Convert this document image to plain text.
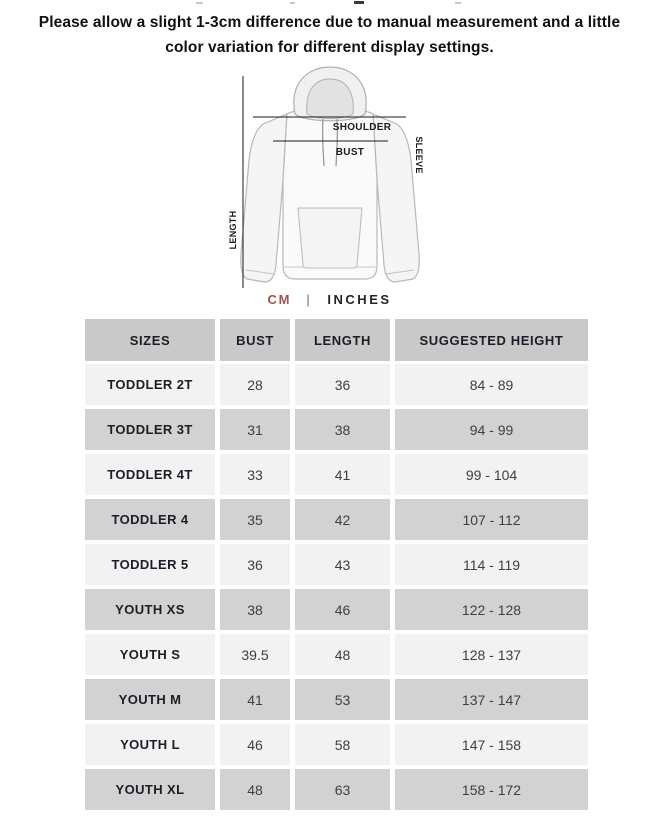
Please allow a slight 1-3cm difference due to manual measurement and a little color variation for different display settings.

SHOULDER
BUST
LENGTH
SLEEVE
CM | INCHES
SIZES	BUST	LENGTH	SUGGESTED HEIGHT
TODDLER 2T	28	36	84 - 89
TODDLER 3T	31	38	94 - 99
TODDLER 4T	33	41	99 - 104
TODDLER 4	35	42	107 - 112
TODDLER 5	36	43	114 - 119
YOUTH XS	38	46	122 - 128
YOUTH S	39.5	48	128 - 137
YOUTH M	41	53	137 - 147
YOUTH L	46	58	147 - 158
YOUTH XL	48	63	158 - 172
